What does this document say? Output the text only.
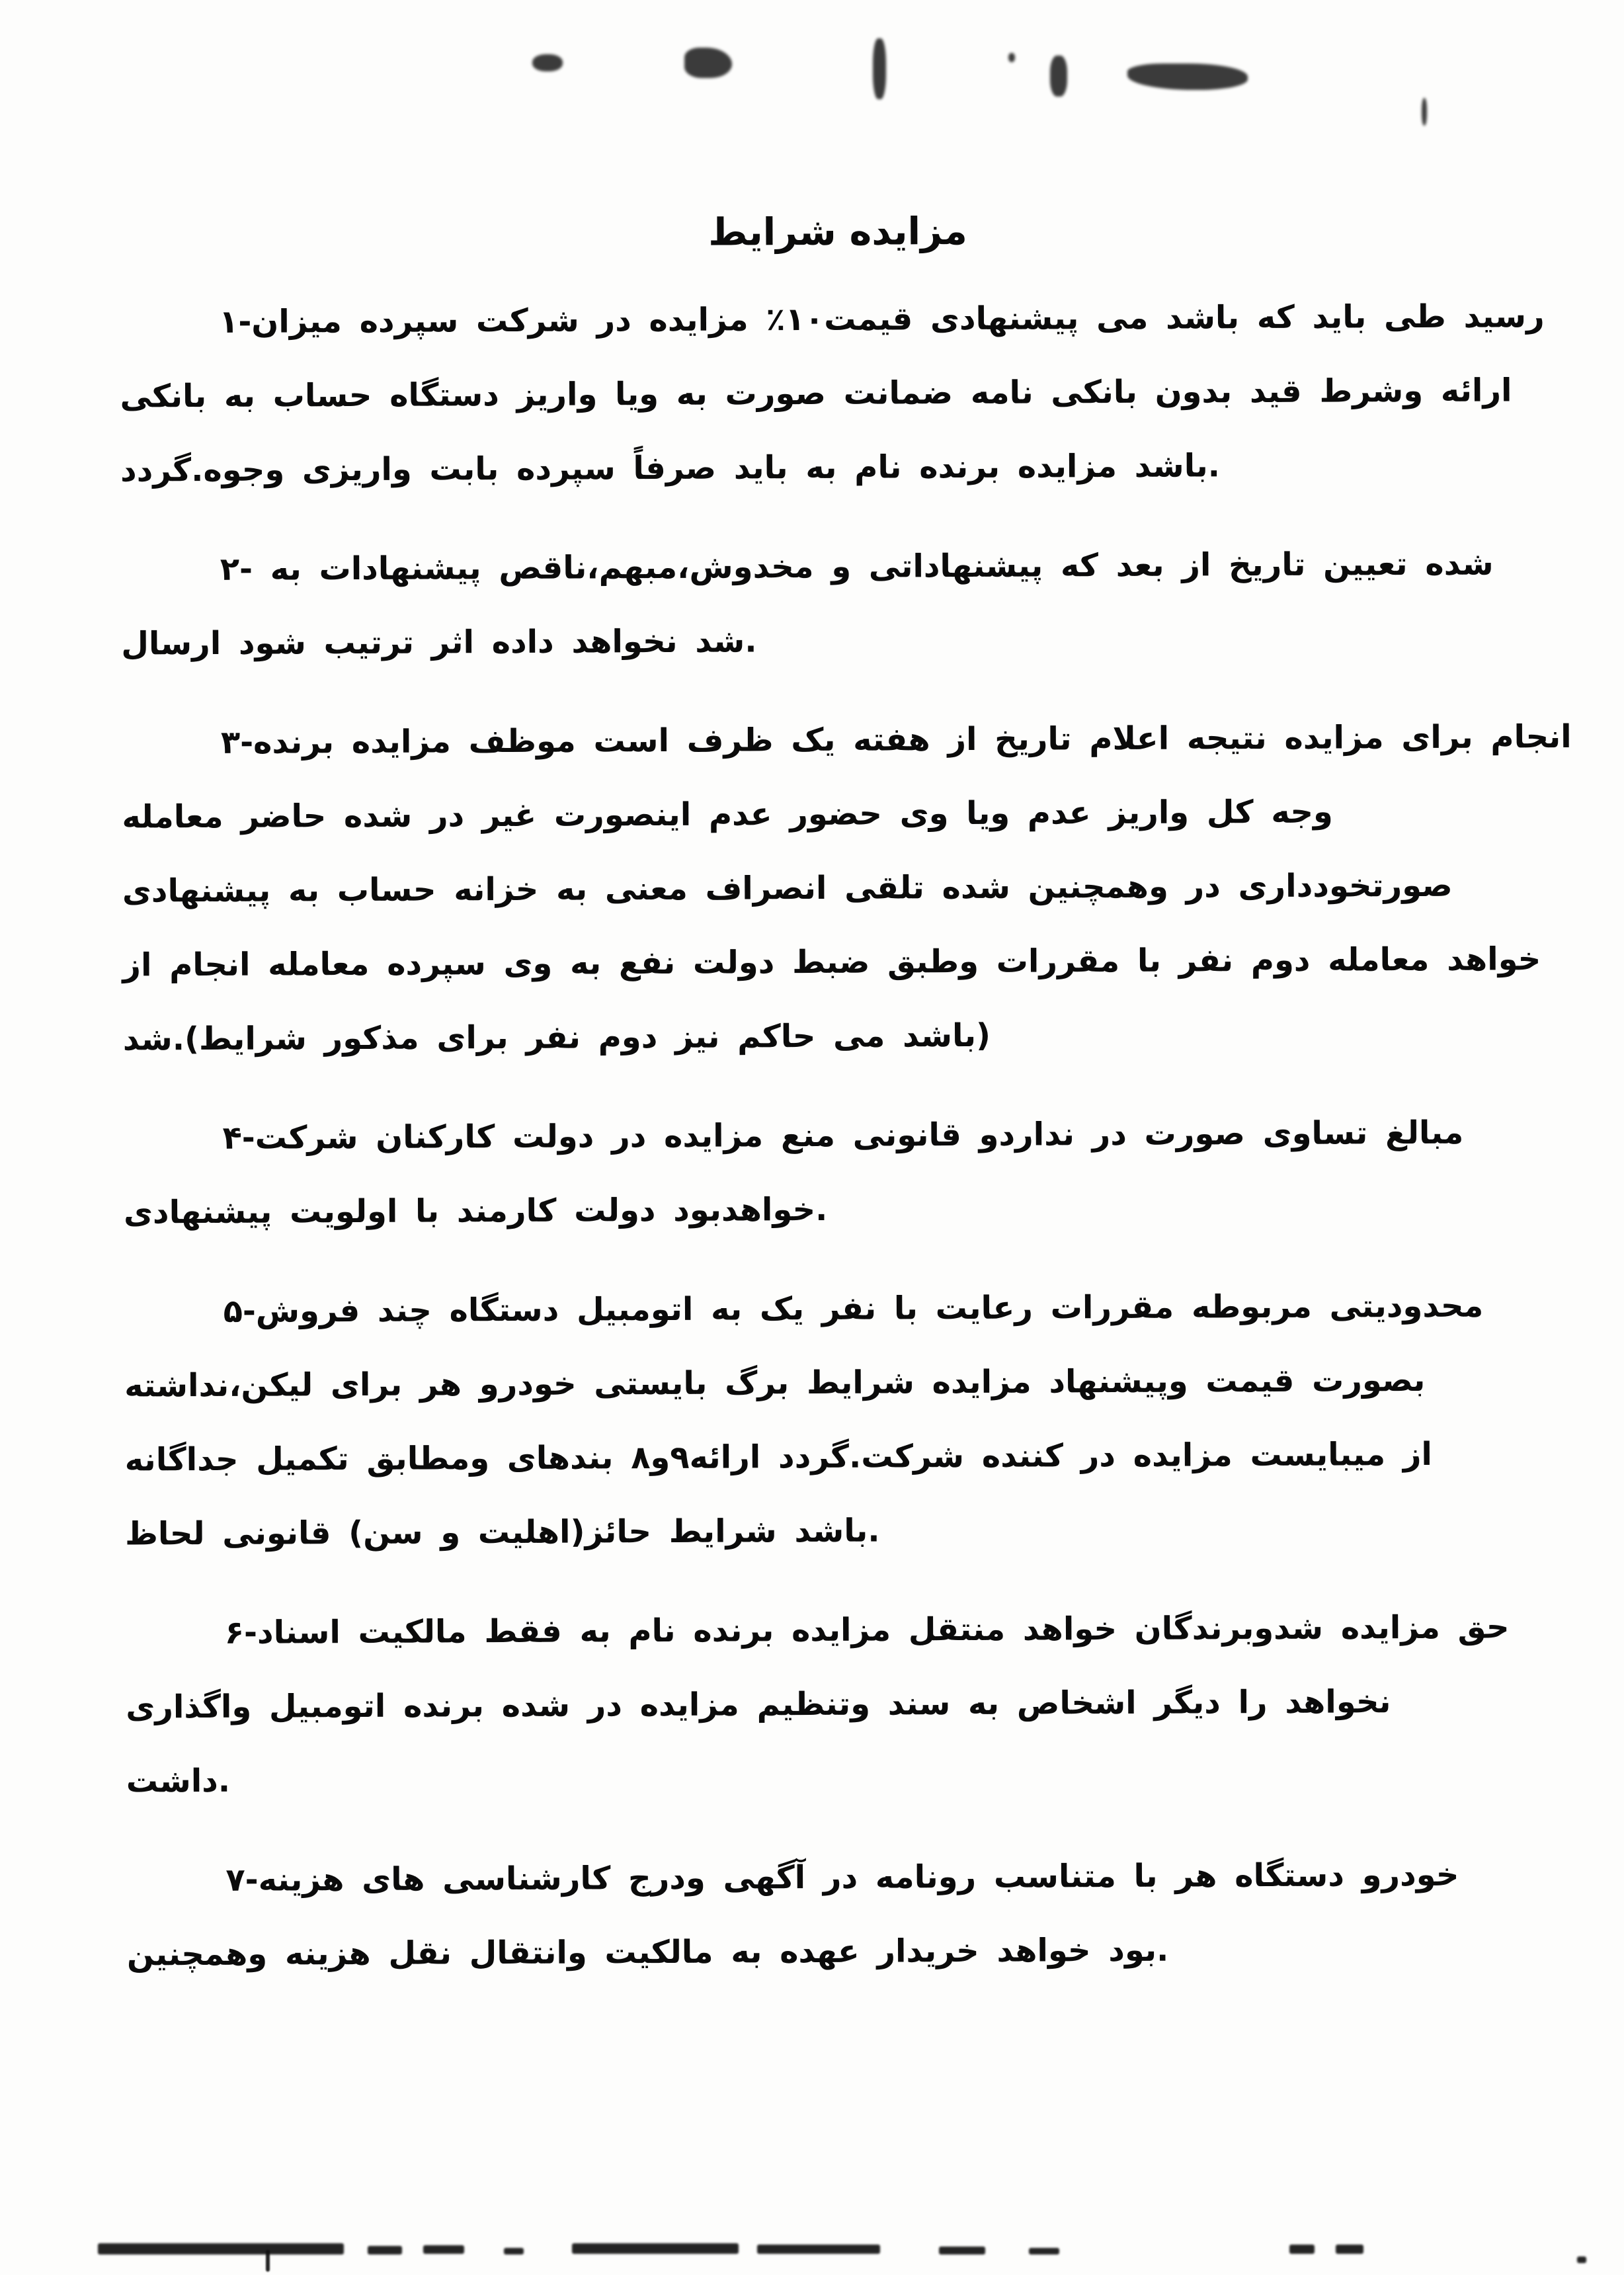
⁧شرایط⁩ ⁧مزایده⁩
۱-⁧میزان⁩ ⁧سپرده⁩ ⁧شرکت⁩ ⁧در⁩ ⁧مزایده⁩ ٪۱۰⁧قیمت⁩ ⁧پیشنهادی⁩ ⁧می⁩ ⁧باشد⁩ ⁧که⁩ ⁧باید⁩ ⁧طی⁩ ⁧رسید⁩
⁧بانکی⁩ ⁧به⁩ ⁧حساب⁩ ⁧دستگاه⁩ ⁧واریز⁩ ⁧ویا⁩ ⁧به⁩ ⁧صورت⁩ ⁧ضمانت⁩ ⁧نامه⁩ ⁧بانکی⁩ ⁧بدون⁩ ⁧قید⁩ ⁧وشرط⁩ ⁧ارائه⁩
⁧گردد⁩.⁧وجوه⁩ ⁧واریزی⁩ ⁧بابت⁩ ⁧سپرده⁩ ⁧صرفاً⁩ ⁧باید⁩ ⁧به⁩ ⁧نام⁩ ⁧برنده⁩ ⁧مزایده⁩ ⁧باشد⁩.
۲- ⁧به⁩ ⁧پیشنهادات⁩ ⁧ناقص⁩،⁧مبهم⁩،⁧مخدوش⁩ ⁧و⁩ ⁧پیشنهاداتی⁩ ⁧که⁩ ⁧بعد⁩ ⁧از⁩ ⁧تاریخ⁩ ⁧تعیین⁩ ⁧شده⁩
⁧ارسال⁩ ⁧شود⁩ ⁧ترتیب⁩ ⁧اثر⁩ ⁧داده⁩ ⁧نخواهد⁩ ⁧شد⁩.
۳-⁧برنده⁩ ⁧مزایده⁩ ⁧موظف⁩ ⁧است⁩ ⁧ظرف⁩ ⁧یک⁩ ⁧هفته⁩ ⁧از⁩ ⁧تاریخ⁩ ⁧اعلام⁩ ⁧نتیجه⁩ ⁧مزایده⁩ ⁧برای⁩ ⁧انجام⁩
⁧معامله⁩ ⁧حاضر⁩ ⁧شده⁩ ⁧در⁩ ⁧غیر⁩ ⁧اینصورت⁩ ⁧عدم⁩ ⁧حضور⁩ ⁧وی⁩ ⁧ویا⁩ ⁧عدم⁩ ⁧واریز⁩ ⁧کل⁩ ⁧وجه⁩
⁧پیشنهادی⁩ ⁧به⁩ ⁧حساب⁩ ⁧خزانه⁩ ⁧به⁩ ⁧معنی⁩ ⁧انصراف⁩ ⁧تلقی⁩ ⁧شده⁩ ⁧وهمچنین⁩ ⁧در⁩ ⁧صورتخودداری⁩
⁧از⁩ ⁧انجام⁩ ⁧معامله⁩ ⁧سپرده⁩ ⁧وی⁩ ⁧به⁩ ⁧نفع⁩ ⁧دولت⁩ ⁧ضبط⁩ ⁧وطبق⁩ ⁧مقررات⁩ ⁧با⁩ ⁧نفر⁩ ⁧دوم⁩ ⁧معامله⁩ ⁧خواهد⁩
⁧شد⁩.(⁧شرایط⁩ ⁧مذکور⁩ ⁧برای⁩ ⁧نفر⁩ ⁧دوم⁩ ⁧نیز⁩ ⁧حاکم⁩ ⁧می⁩ ⁧باشد⁩)
۴-⁧شرکت⁩ ⁧کارکنان⁩ ⁧دولت⁩ ⁧در⁩ ⁧مزایده⁩ ⁧منع⁩ ⁧قانونی⁩ ⁧نداردو⁩ ⁧در⁩ ⁧صورت⁩ ⁧تساوی⁩ ⁧مبالغ⁩
⁧پیشنهادی⁩ ⁧اولویت⁩ ⁧با⁩ ⁧کارمند⁩ ⁧دولت⁩ ⁧خواهدبود⁩.
۵-⁧فروش⁩ ⁧چند⁩ ⁧دستگاه⁩ ⁧اتومبیل⁩ ⁧به⁩ ⁧یک⁩ ⁧نفر⁩ ⁧با⁩ ⁧رعایت⁩ ⁧مقررات⁩ ⁧مربوطه⁩ ⁧محدودیتی⁩
⁧نداشته⁩،⁧لیکن⁩ ⁧برای⁩ ⁧هر⁩ ⁧خودرو⁩ ⁧بایستی⁩ ⁧برگ⁩ ⁧شرایط⁩ ⁧مزایده⁩ ⁧وپیشنهاد⁩ ⁧قیمت⁩ ⁧بصورت⁩
⁧جداگانه⁩ ⁧تکمیل⁩ ⁧ومطابق⁩ ⁧بندهای⁩ ۸⁧و⁩۹⁧ارائه⁩ ⁧گردد⁩.⁧شرکت⁩ ⁧کننده⁩ ⁧در⁩ ⁧مزایده⁩ ⁧میبایست⁩ ⁧از⁩
⁧لحاظ⁩ ⁧قانونی⁩ (⁧سن⁩ ⁧و⁩ ⁧اهلیت⁩)⁧حائز⁩ ⁧شرایط⁩ ⁧باشد⁩.
۶-⁧اسناد⁩ ⁧مالکیت⁩ ⁧فقط⁩ ⁧به⁩ ⁧نام⁩ ⁧برنده⁩ ⁧مزایده⁩ ⁧منتقل⁩ ⁧خواهد⁩ ⁧شدوبرندگان⁩ ⁧مزایده⁩ ⁧حق⁩
⁧واگذاری⁩ ⁧اتومبیل⁩ ⁧برنده⁩ ⁧شده⁩ ⁧در⁩ ⁧مزایده⁩ ⁧وتنظیم⁩ ⁧سند⁩ ⁧به⁩ ⁧اشخاص⁩ ⁧دیگر⁩ ⁧را⁩ ⁧نخواهد⁩
⁧داشت⁩.
۷-⁧هزینه⁩ ⁧های⁩ ⁧کارشناسی⁩ ⁧ودرج⁩ ⁧آگهی⁩ ⁧در⁩ ⁧رونامه⁩ ⁧متناسب⁩ ⁧با⁩ ⁧هر⁩ ⁧دستگاه⁩ ⁧خودرو⁩
⁧وهمچنین⁩ ⁧هزینه⁩ ⁧نقل⁩ ⁧وانتقال⁩ ⁧مالکیت⁩ ⁧به⁩ ⁧عهده⁩ ⁧خریدار⁩ ⁧خواهد⁩ ⁧بود⁩.
